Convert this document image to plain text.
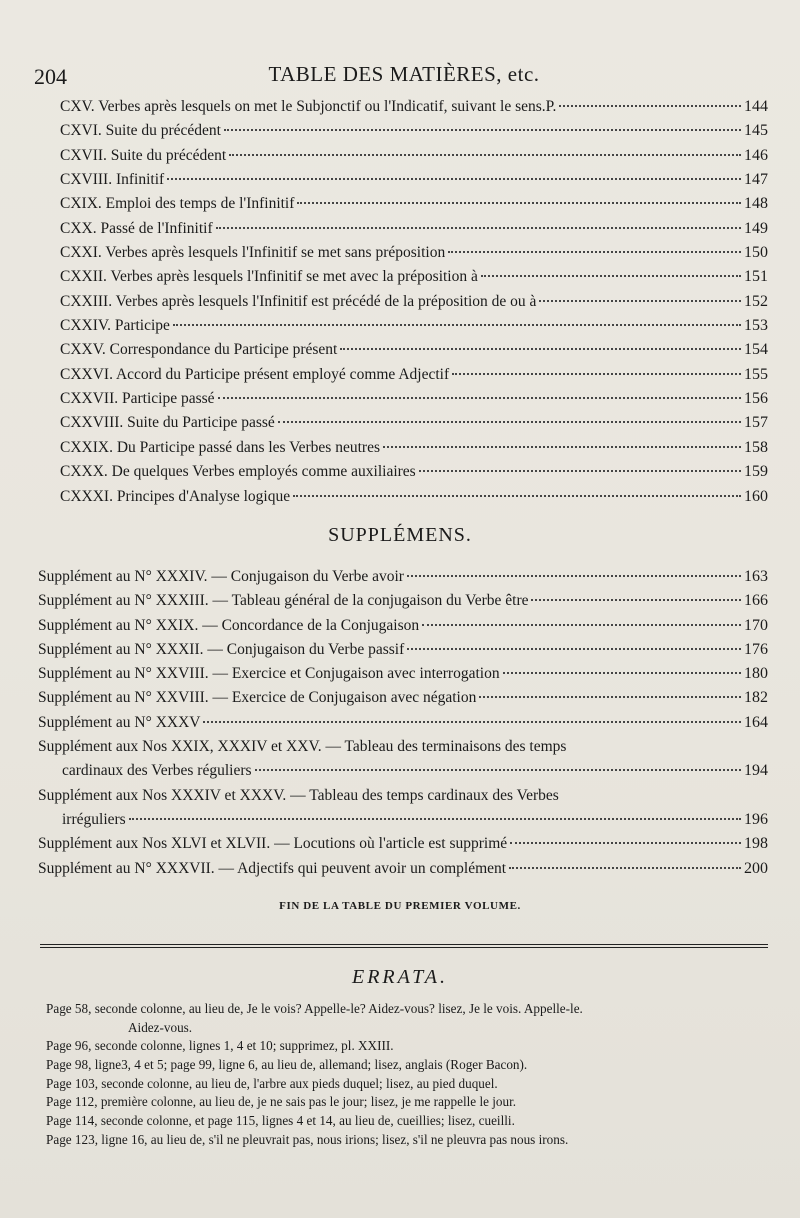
204	TABLE DES MATIÈRES, etc.
CXV. Verbes après lesquels on met le Subjonctif ou l'Indicatif, suivant le sens.P.	144
CXVI. Suite du précédent	145
CXVII. Suite du précédent	146
CXVIII. Infinitif	147
CXIX. Emploi des temps de l'Infinitif	148
CXX. Passé de l'Infinitif	149
CXXI. Verbes après lesquels l'Infinitif se met sans préposition	150
CXXII. Verbes après lesquels l'Infinitif se met avec la préposition à	151
CXXIII. Verbes après lesquels l'Infinitif est précédé de la préposition de ou à	152
CXXIV. Participe	153
CXXV. Correspondance du Participe présent	154
CXXVI. Accord du Participe présent employé comme Adjectif	155
CXXVII. Participe passé	156
CXXVIII. Suite du Participe passé	157
CXXIX. Du Participe passé dans les Verbes neutres	158
CXXX. De quelques Verbes employés comme auxiliaires	159
CXXXI. Principes d'Analyse logique	160
SUPPLÉMENS.
Supplément au N° XXXIV. — Conjugaison du Verbe avoir	163
Supplément au N° XXXIII. — Tableau général de la conjugaison du Verbe être	166
Supplément au N° XXIX. — Concordance de la Conjugaison	170
Supplément au N° XXXII. — Conjugaison du Verbe passif	176
Supplément au N° XXVIII. — Exercice et Conjugaison avec interrogation	180
Supplément au N° XXVIII. — Exercice de Conjugaison avec négation	182
Supplément au N° XXXV	164
Supplément aux Nos XXIX, XXXIV et XXV. — Tableau des terminaisons des temps
cardinaux des Verbes réguliers	194
Supplément aux Nos XXXIV et XXXV. — Tableau des temps cardinaux des Verbes
irréguliers	196
Supplément aux Nos XLVI et XLVII. — Locutions où l'article est supprimé	198
Supplément au N° XXXVII. — Adjectifs qui peuvent avoir un complément	200
FIN DE LA TABLE DU PREMIER VOLUME.
ERRATA.
Page 58, seconde colonne, au lieu de, Je le vois? Appelle-le? Aidez-vous? lisez, Je le vois. Appelle-le.
Aidez-vous.
Page 96, seconde colonne, lignes 1, 4 et 10; supprimez, pl. XXIII.
Page 98, ligne3, 4 et 5; page 99, ligne 6, au lieu de, allemand; lisez, anglais (Roger Bacon).
Page 103, seconde colonne, au lieu de, l'arbre aux pieds duquel; lisez, au pied duquel.
Page 112, première colonne, au lieu de, je ne sais pas le jour; lisez, je me rappelle le jour.
Page 114, seconde colonne, et page 115, lignes 4 et 14, au lieu de, cueillies; lisez, cueilli.
Page 123, ligne 16, au lieu de, s'il ne pleuvrait pas, nous irions; lisez, s'il ne pleuvra pas nous irons.
